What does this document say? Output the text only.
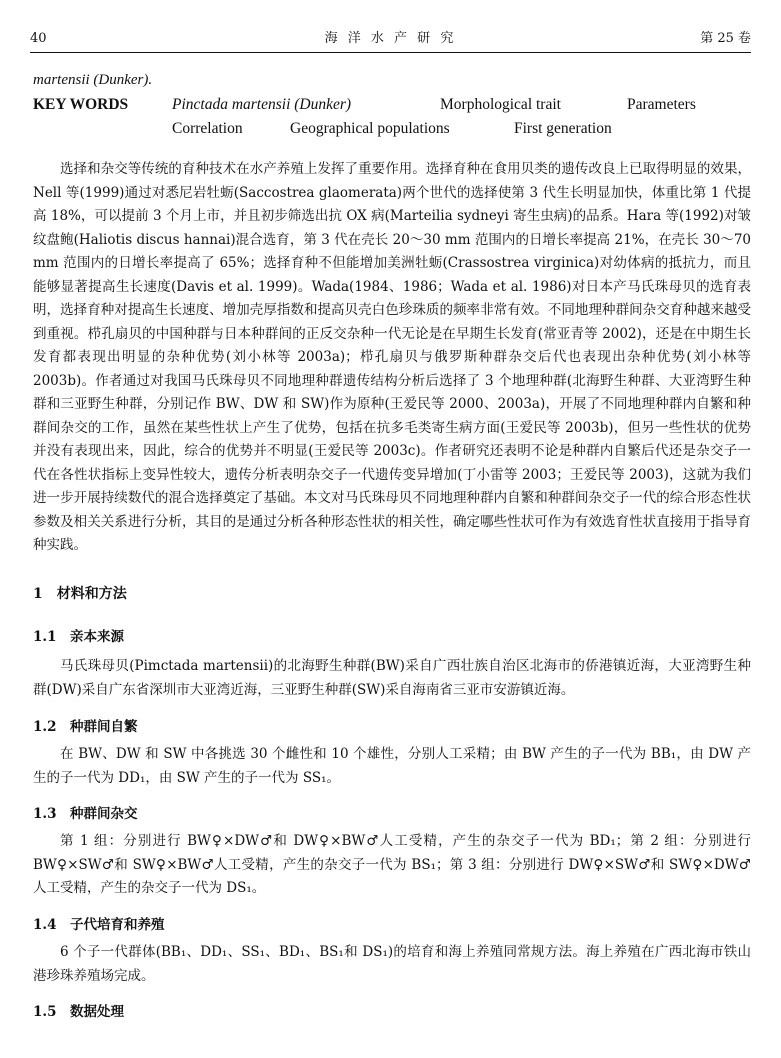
40	海 洋 水 产 研 究	第 25 卷
martensii (Dunker).
KEY WORDS	Pinctada martensii (Dunker)	Morphological trait	Parameters
Correlation	Geographical populations	First generation

选择和杂交等传统的育种技术在水产养殖上发挥了重要作用。选择育种在食用贝类的遗传改良上已取得明显的效果，Nell 等(1999)通过对悉尼岩牡蛎(Saccostrea glaomerata)两个世代的选择使第 3 代生长明显加快，体重比第 1 代提高 18%，可以提前 3 个月上市，并且初步筛选出抗 OX 病(Marteilia sydneyi 寄生虫病)的品系。Hara 等(1992)对皱纹盘鲍(Haliotis discus hannai)混合选育，第 3 代在壳长 20～30 mm 范围内的日增长率提高 21%，在壳长 30～70 mm 范围内的日增长率提高了 65%；选择育种不但能增加美洲牡蛎(Crassostrea virginica)对幼体病的抵抗力，而且能够显著提高生长速度(Davis et al. 1999)。Wada(1984、1986；Wada et al. 1986)对日本产马氏珠母贝的选育表明，选择育种对提高生长速度、增加壳厚指数和提高贝壳白色珍珠质的频率非常有效。不同地理种群间杂交育种越来越受到重视。栉孔扇贝的中国种群与日本种群间的正反交杂种一代无论是在早期生长发育(常亚青等 2002)，还是在中期生长发育都表现出明显的杂种优势(刘小林等 2003a)；栉孔扇贝与俄罗斯种群杂交后代也表现出杂种优势(刘小林等 2003b)。作者通过对我国马氏珠母贝不同地理种群遗传结构分析后选择了 3 个地理种群(北海野生种群、大亚湾野生种群和三亚野生种群，分别记作 BW、DW 和 SW)作为原种(王爱民等 2000、2003a)，开展了不同地理种群内自繁和种群间杂交的工作，虽然在某些性状上产生了优势，包括在抗多毛类寄生病方面(王爱民等 2003b)，但另一些性状的优势并没有表现出来，因此，综合的优势并不明显(王爱民等 2003c)。作者研究还表明不论是种群内自繁后代还是杂交子一代在各性状指标上变异性较大，遗传分析表明杂交子一代遗传变异增加(丁小雷等 2003；王爱民等 2003)，这就为我们进一步开展持续数代的混合选择奠定了基础。本文对马氏珠母贝不同地理种群内自繁和种群间杂交子一代的综合形态性状参数及相关关系进行分析，其目的是通过分析各种形态性状的相关性，确定哪些性状可作为有效选育性状直接用于指导育种实践。

1　材料和方法
1.1　亲本来源

马氏珠母贝(Pimctada martensii)的北海野生种群(BW)采自广西壮族自治区北海市的侨港镇近海，大亚湾野生种群(DW)采自广东省深圳市大亚湾近海，三亚野生种群(SW)采自海南省三亚市安游镇近海。

1.2　种群间自繁

在 BW、DW 和 SW 中各挑选 30 个雌性和 10 个雄性，分别人工采精；由 BW 产生的子一代为 BB₁，由 DW 产生的子一代为 DD₁，由 SW 产生的子一代为 SS₁。

1.3　种群间杂交

第 1 组：分别进行 BW♀×DW♂和 DW♀×BW♂人工受精，产生的杂交子一代为 BD₁；第 2 组：分别进行 BW♀×SW♂和 SW♀×BW♂人工受精，产生的杂交子一代为 BS₁；第 3 组：分别进行 DW♀×SW♂和 SW♀×DW♂人工受精，产生的杂交子一代为 DS₁。

1.4　子代培育和养殖

6 个子一代群体(BB₁、DD₁、SS₁、BD₁、BS₁和 DS₁)的培育和海上养殖同常规方法。海上养殖在广西北海市铁山港珍珠养殖场完成。

1.5　数据处理
